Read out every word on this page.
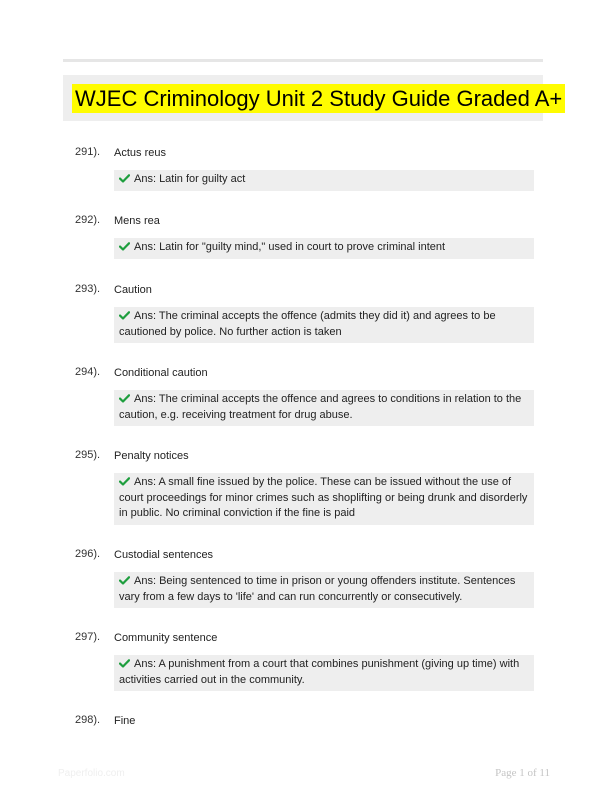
WJEC Criminology Unit 2 Study Guide Graded A+
291). Actus reus
Ans: Latin for guilty act
292). Mens rea
Ans: Latin for "guilty mind," used in court to prove criminal intent
293). Caution
Ans: The criminal accepts the offence (admits they did it) and agrees to be cautioned by police. No further action is taken
294). Conditional caution
Ans: The criminal accepts the offence and agrees to conditions in relation to the caution, e.g. receiving treatment for drug abuse.
295). Penalty notices
Ans: A small fine issued by the police. These can be issued without the use of court proceedings for minor crimes such as shoplifting or being drunk and disorderly in public. No criminal conviction if the fine is paid
296). Custodial sentences
Ans: Being sentenced to time in prison or young offenders institute. Sentences vary from a few days to 'life' and can run concurrently or consecutively.
297). Community sentence
Ans: A punishment from a court that combines punishment (giving up time) with activities carried out in the community.
298). Fine
Paperfolio.com	Page 1 of 11
